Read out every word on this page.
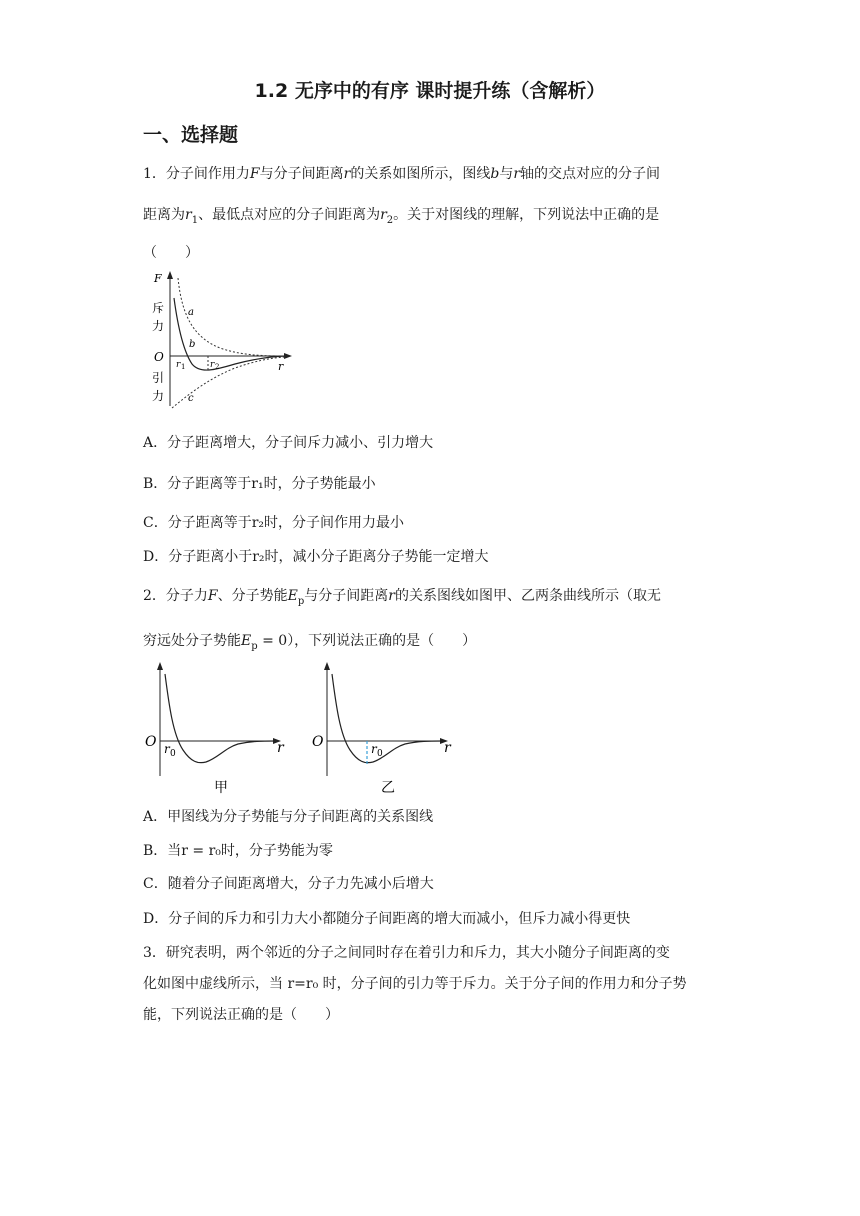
1.2 无序中的有序 课时提升练（含解析）
一、选择题
1．分子间作用力F与分子间距离r的关系如图所示，图线b与r轴的交点对应的分子间
距离为$r_1$、最低点对应的分子间距离为$r_2$。关于对图线的理解，下列说法中正确的是
（　　）
F
斥
力
O
引
力
a
b
c
r 1	r 2	r
A．分子距离增大，分子间斥力减小、引力增大
B．分子距离等于r₁时，分子势能最小
C．分子距离等于r₂时，分子间作用力最小
D．分子距离小于r₂时，减小分子距离分子势能一定增大
2．分子力F、分子势能$E_p$与分子间距离r的关系图线如图甲、乙两条曲线所示（取无
穷远处分子势能$E_p = 0$），下列说法正确的是（　　）
O r 0	r
甲
O	r 0	r
乙
A．甲图线为分子势能与分子间距离的关系图线
B．当r = r₀时，分子势能为零
C．随着分子间距离增大，分子力先减小后增大
D．分子间的斥力和引力大小都随分子间距离的增大而减小，但斥力减小得更快
3．研究表明，两个邻近的分子之间同时存在着引力和斥力，其大小随分子间距离的变
化如图中虚线所示，当 r=r₀ 时，分子间的引力等于斥力。关于分子间的作用力和分子势
能，下列说法正确的是（　　）
